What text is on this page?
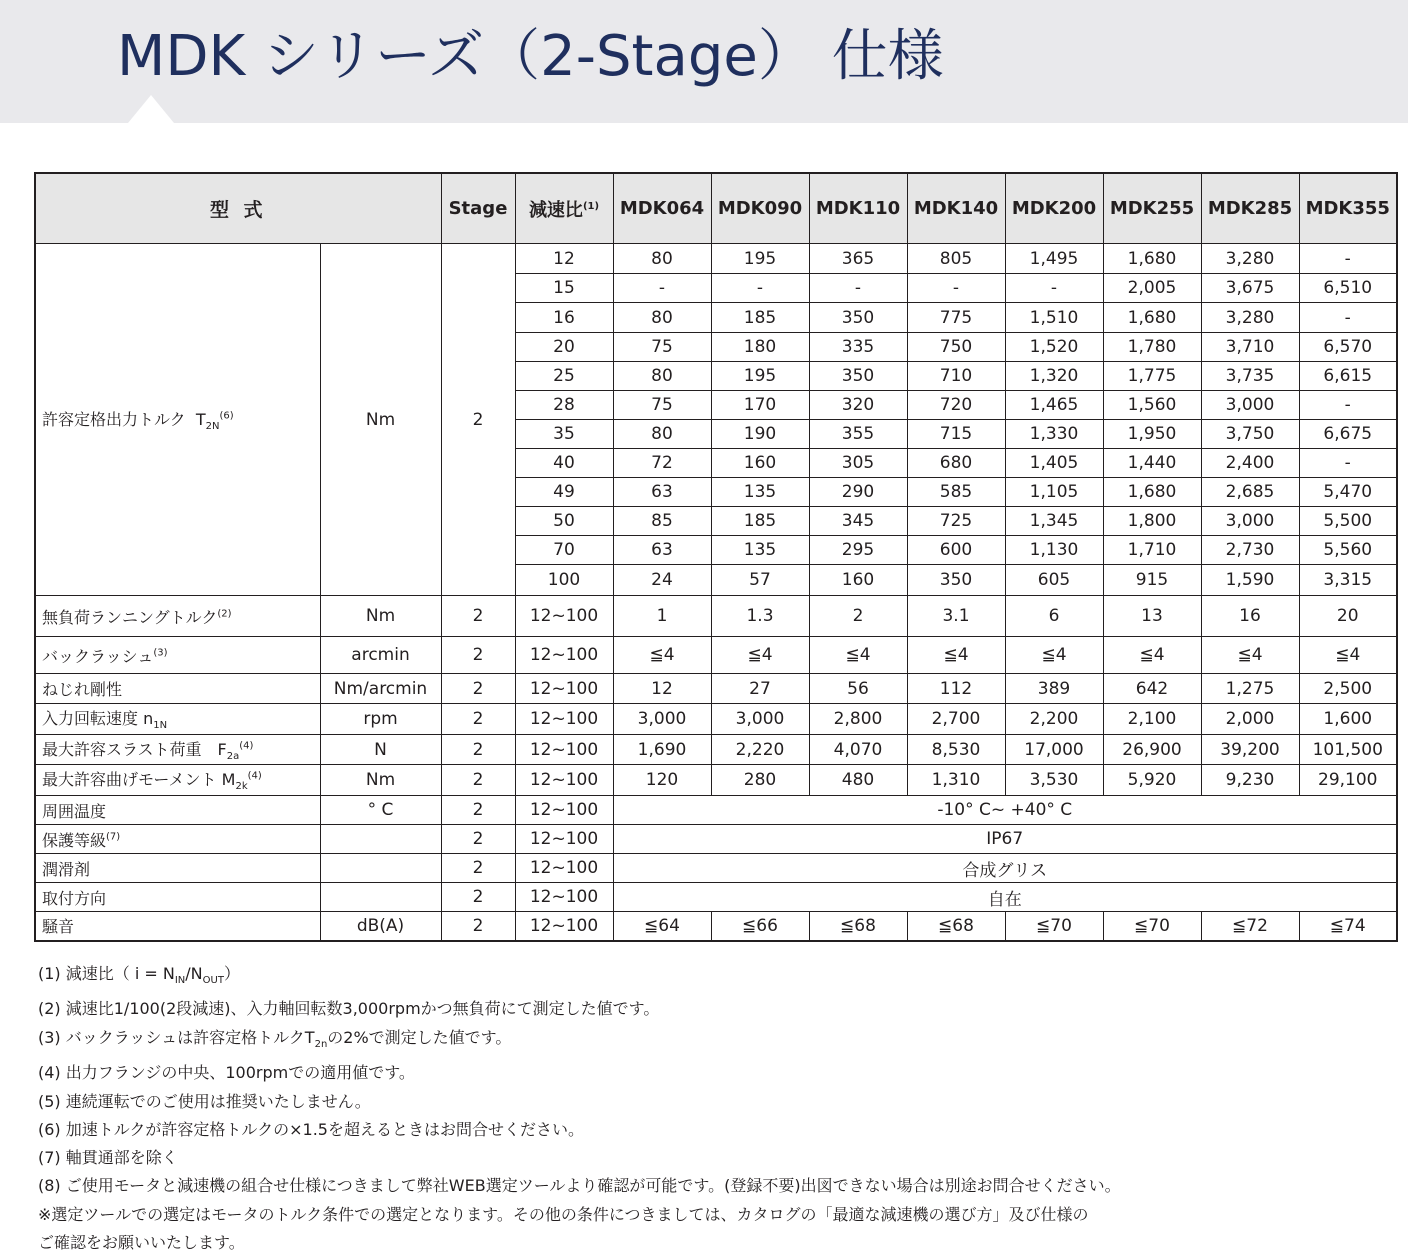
MDK シリーズ（2-Stage） 仕様
型 式		Stage	減速比$^{(1)}$	MDK064	MDK090	MDK110	MDK140	MDK200	MDK255	MDK285	MDK355
許容定格出力トルク $T_{2N}^{(6)}$	Nm	2	12	80	195	365	805	1,495	1,680	3,280	-
			15	-	-	-	-	-	2,005	3,675	6,510
			16	80	185	350	775	1,510	1,680	3,280	-
			20	75	180	335	750	1,520	1,780	3,710	6,570
			25	80	195	350	710	1,320	1,775	3,735	6,615
			28	75	170	320	720	1,465	1,560	3,000	-
			35	80	190	355	715	1,330	1,950	3,750	6,675
			40	72	160	305	680	1,405	1,440	2,400	-
			49	63	135	290	585	1,105	1,680	2,685	5,470
			50	85	185	345	725	1,345	1,800	3,000	5,500
			70	63	135	295	600	1,130	1,710	2,730	5,560
			100	24	57	160	350	605	915	1,590	3,315
無負荷ランニングトルク$^{(2)}$	Nm	2	12~100	1	1.3	2	3.1	6	13	16	20
バックラッシュ$^{(3)}$	arcmin	2	12~100	≦4	≦4	≦4	≦4	≦4	≦4	≦4	≦4
ねじれ剛性	Nm/arcmin	2	12~100	12	27	56	112	389	642	1,275	2,500
入力回転速度 $n_{1N}$	rpm	2	12~100	3,000	3,000	2,800	2,700	2,200	2,100	2,000	1,600
最大許容スラスト荷重　$F_{2a}^{(4)}$	N	2	12~100	1,690	2,220	4,070	8,530	17,000	26,900	39,200	101,500
最大許容曲げモーメント $M_{2k}^{(4)}$	Nm	2	12~100	120	280	480	1,310	3,530	5,920	9,230	29,100
周囲温度	° C	2	12~100	-10° C~ +40° C							
保護等級$^{(7)}$		2	12~100	IP67							
潤滑剤		2	12~100	合成グリス							
取付方向		2	12~100	自在							
騒音	dB(A)	2	12~100	≦64	≦66	≦68	≦68	≦70	≦70	≦72	≦74
(1) 減速比（ $i = N_{IN}/N_{OUT}$）
(2) 減速比1/100(2段減速)、入力軸回転数3,000rpmかつ無負荷にて測定した値です。
(3) バックラッシュは許容定格トルク$T_{2n}$の2%で測定した値です。
(4) 出力フランジの中央、100rpmでの適用値です。
(5) 連続運転でのご使用は推奨いたしません。
(6) 加速トルクが許容定格トルクの×1.5を超えるときはお問合せください。
(7) 軸貫通部を除く
(8) ご使用モータと減速機の組合せ仕様につきまして弊社WEB選定ツールより確認が可能です。(登録不要)出図できない場合は別途お問合せください。
※選定ツールでの選定はモータのトルク条件での選定となります。その他の条件につきましては、カタログの「最適な減速機の選び方」及び仕様の
ご確認をお願いいたします。
